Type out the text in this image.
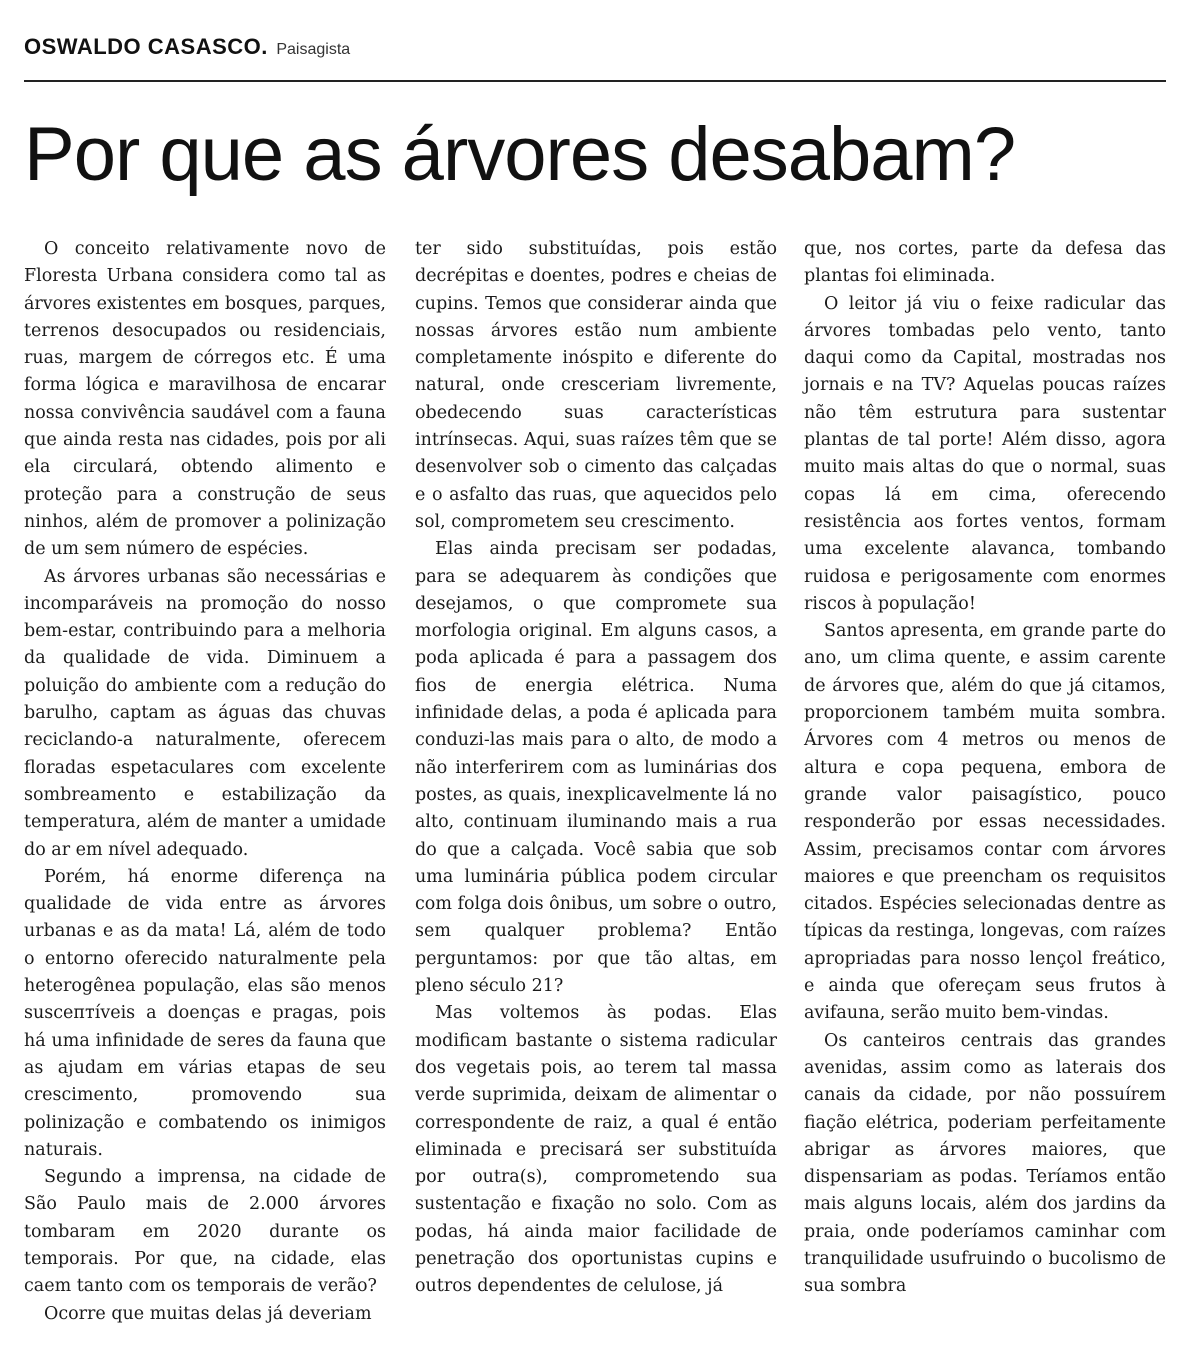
OSWALDO CASASCO. Paisagista
Por que as árvores desabam?

O conceito relativamente novo de Floresta Urbana considera como tal as árvores existentes em bosques, parques, terrenos desocupados ou residenciais, ruas, margem de córregos etc. É uma forma lógica e maravilhosa de encarar nossa convivência saudável com a fauna que ainda resta nas cidades, pois por ali ela circulará, obtendo alimento e proteção para a construção de seus ninhos, além de promover a polinização de um sem número de espécies.

As árvores urbanas são necessárias e incomparáveis na promoção do nosso bem-estar, contribuindo para a melhoria da qualidade de vida. Diminuem a poluição do ambiente com a redução do barulho, captam as águas das chuvas reciclando-a naturalmente, oferecem floradas espetaculares com excelente sombreamento e estabilização da temperatura, além de manter a umidade do ar em nível adequado.

Porém, há enorme diferença na qualidade de vida entre as árvores urbanas e as da mata! Lá, além de todo o entorno oferecido naturalmente pela heterogênea população, elas são menos suscептíveis a doenças e pragas, pois há uma infinidade de seres da fauna que as ajudam em várias etapas de seu crescimento, promovendo sua polinização e combatendo os inimigos naturais.

Segundo a imprensa, na cidade de São Paulo mais de 2.000 árvores tombaram em 2020 durante os temporais. Por que, na cidade, elas caem tanto com os temporais de verão?

Ocorre que muitas delas já deveriam

ter sido substituídas, pois estão decrépitas e doentes, podres e cheias de cupins. Temos que considerar ainda que nossas árvores estão num ambiente completamente inóspito e diferente do natural, onde cresceriam livremente, obedecendo suas características intrínsecas. Aqui, suas raízes têm que se desenvolver sob o cimento das calçadas e o asfalto das ruas, que aquecidos pelo sol, comprometem seu crescimento.

Elas ainda precisam ser podadas, para se adequarem às condições que desejamos, o que compromete sua morfologia original. Em alguns casos, a poda aplicada é para a passagem dos fios de energia elétrica. Numa infinidade delas, a poda é aplicada para conduzi-las mais para o alto, de modo a não interferirem com as luminárias dos postes, as quais, inexplicavelmente lá no alto, continuam iluminando mais a rua do que a calçada. Você sabia que sob uma luminária pública podem circular com folga dois ônibus, um sobre o outro, sem qualquer problema? Então perguntamos: por que tão altas, em pleno século 21?

Mas voltemos às podas. Elas modificam bastante o sistema radicular dos vegetais pois, ao terem tal massa verde suprimida, deixam de alimentar o correspondente de raiz, a qual é então eliminada e precisará ser substituída por outra(s), comprometendo sua sustentação e fixação no solo. Com as podas, há ainda maior facilidade de penetração dos oportunistas cupins e outros dependentes de celulose, já

que, nos cortes, parte da defesa das plantas foi eliminada.

O leitor já viu o feixe radicular das árvores tombadas pelo vento, tanto daqui como da Capital, mostradas nos jornais e na TV? Aquelas poucas raízes não têm estrutura para sustentar plantas de tal porte! Além disso, agora muito mais altas do que o normal, suas copas lá em cima, oferecendo resistência aos fortes ventos, formam uma excelente alavanca, tombando ruidosa e perigosamente com enormes riscos à população!

Santos apresenta, em grande parte do ano, um clima quente, e assim carente de árvores que, além do que já citamos, proporcionem também muita sombra. Árvores com 4 metros ou menos de altura e copa pequena, embora de grande valor paisagístico, pouco responderão por essas necessidades. Assim, precisamos contar com árvores maiores e que preencham os requisitos citados. Espécies selecionadas dentre as típicas da restinga, longevas, com raízes apropriadas para nosso lençol freático, e ainda que ofereçam seus frutos à avifauna, serão muito bem-vindas.

Os canteiros centrais das grandes avenidas, assim como as laterais dos canais da cidade, por não possuírem fiação elétrica, poderiam perfeitamente abrigar as árvores maiores, que dispensariam as podas. Teríamos então mais alguns locais, além dos jardins da praia, onde poderíamos caminhar com tranquilidade usufruindo o bucolismo de sua sombra
